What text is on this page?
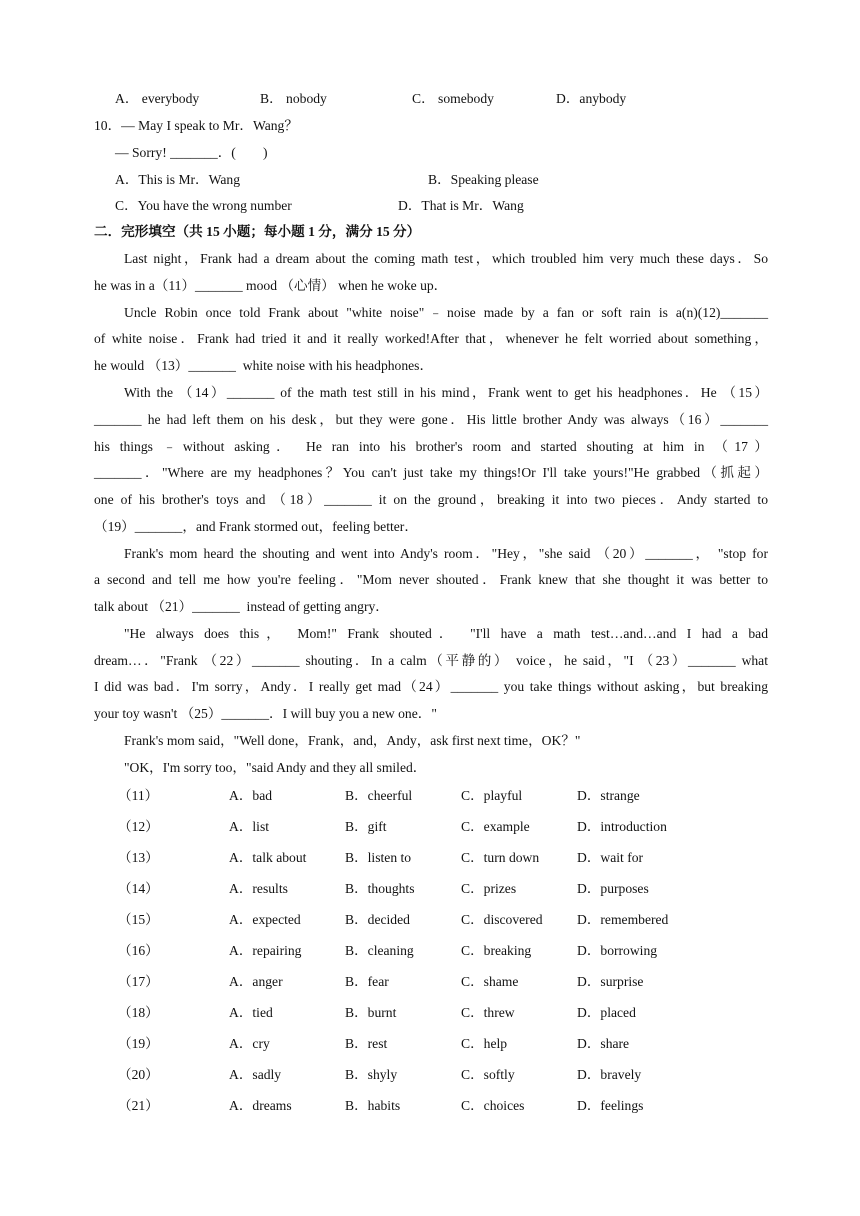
A． everybody	B． nobody	C． somebody	D．anybody
10．— May I speak to Mr．Wang？
— Sorry! _______．(　　)
A．This is Mr．Wang	B．Speaking please
C．You have the wrong number	D．That is Mr．Wang
二．完形填空（共 15 小题；每小题 1 分，满分 15 分）
Last night，Frank had a dream about the coming math test，which troubled him very much these days．So
he was in a（11）_______ mood （心情） when he woke up．
Uncle Robin once told Frank about "white noise"﹣noise made by a fan or soft rain is a(n)(12)_______
of white noise．Frank had tried it and it really worked!After that，whenever he felt worried about something，
he would （13）_______  white noise with his headphones．
With the （14）_______ of the math test still in his mind，Frank went to get his headphones．He （15）
_______ he had left them on his desk，but they were gone．His little brother Andy was always（16）_______
his things ﹣without asking． He ran into his brother's room and started shouting at him in （17）
_______．"Where are my headphones？You can't just take my things!Or I'll take yours!"He grabbed（抓起）
one of his brother's toys and （18）_______ it on the ground，breaking it into two pieces．Andy started to
（19）_______，and Frank stormed out，feeling better．
Frank's mom heard the shouting and went into Andy's room．"Hey，"she said （20）_______， "stop for
a second and tell me how you're feeling．"Mom never shouted．Frank knew that she thought it was better to
talk about （21）_______  instead of getting angry．
"He always does this， Mom!" Frank shouted． "I'll have a math test…and…and I had a bad
dream…．"Frank （22）_______ shouting．In a calm（平静的） voice，he said，"I （23）_______ what
I did was bad．I'm sorry，Andy．I really get mad（24）_______ you take things without asking，but breaking
your toy wasn't （25）_______．I will buy you a new one．"
Frank's mom said，"Well done，Frank，and，Andy，ask first next time，OK？"
"OK，I'm sorry too，"said Andy and they all smiled．
（11）	A．bad	B．cheerful	C．playful	D．strange
（12）	A．list	B．gift	C．example	D．introduction
（13）	A．talk about	B．listen to	C．turn down	D．wait for
（14）	A．results	B．thoughts	C．prizes	D．purposes
（15）	A．expected	B．decided	C．discovered	D．remembered
（16）	A．repairing	B．cleaning	C．breaking	D．borrowing
（17）	A．anger	B．fear	C．shame	D．surprise
（18）	A．tied	B．burnt	C．threw	D．placed
（19）	A．cry	B．rest	C．help	D．share
（20）	A．sadly	B．shyly	C．softly	D．bravely
（21）	A．dreams	B．habits	C．choices	D．feelings
